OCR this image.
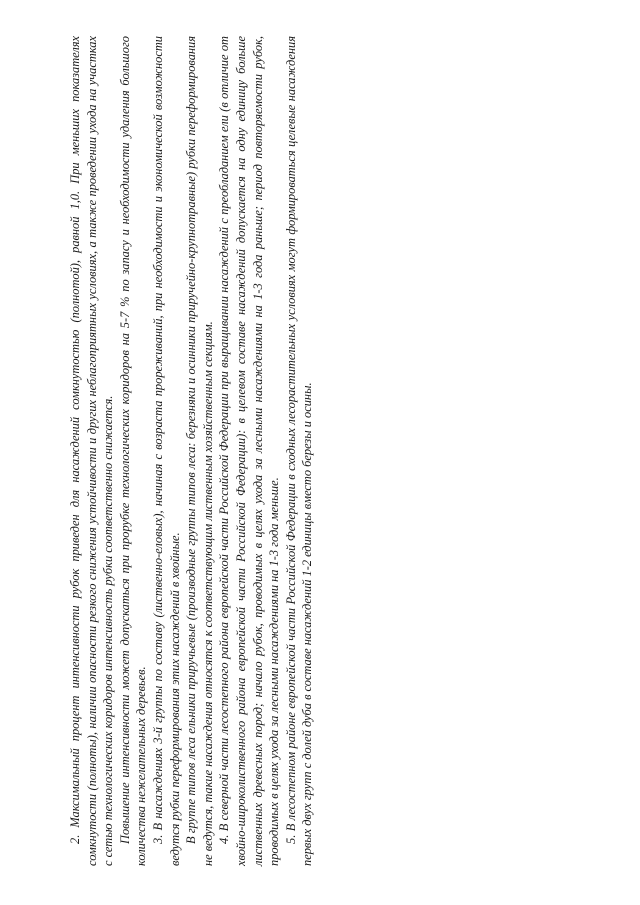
2. Максимальный процент интенсивности рубок приведен для насаждений сомкнутостью (полнотой), равной 1,0. При меньших показателях сомкнутости (полноты), наличии опасности резкого снижения устойчивости и других неблагоприятных условиях, а также проведении ухода на участках с сетью технологических коридоров интенсивность рубки соответственно снижается. Повышение интенсивности может допускаться при прорубке технологических коридоров на 5-7 % по запасу и необходимости удаления большого количества нежелательных деревьев. 3. В насаждениях 3-й группы по составу (лиственно-еловых), начиная с возраста прореживаний, при необходимости и экономической возможности ведутся рубки переформирования этих насаждений в хвойные. В группе типов леса ельники приручьевые (производные группы типов леса: березняки и осинники приручейно-крупнотравные) рубки переформирования не ведутся, такие насаждения относятся к соответствующим лиственным хозяйственным секциям. 4. В северной части лесостепного района европейской части Российской Федерации при выращивании насаждений с преобладанием ели (в отличие от хвойно-широколиственного района европейской части Российской Федерации): в целевом составе насаждений допускается на одну единицу больше лиственных древесных пород; начало рубок, проводимых в целях ухода за лесными насаждениями на 1-3 года раньше; период повторяемости рубок, проводимых в целях ухода за лесными насаждениями на 1-3 года меньше. 5. В лесостепном районе европейской части Российской Федерации в сходных лесорастительных условиях могут формироваться целевые насаждения первых двух групп с долей дуба в составе насаждений 1-2 единицы вместо березы и осины.
